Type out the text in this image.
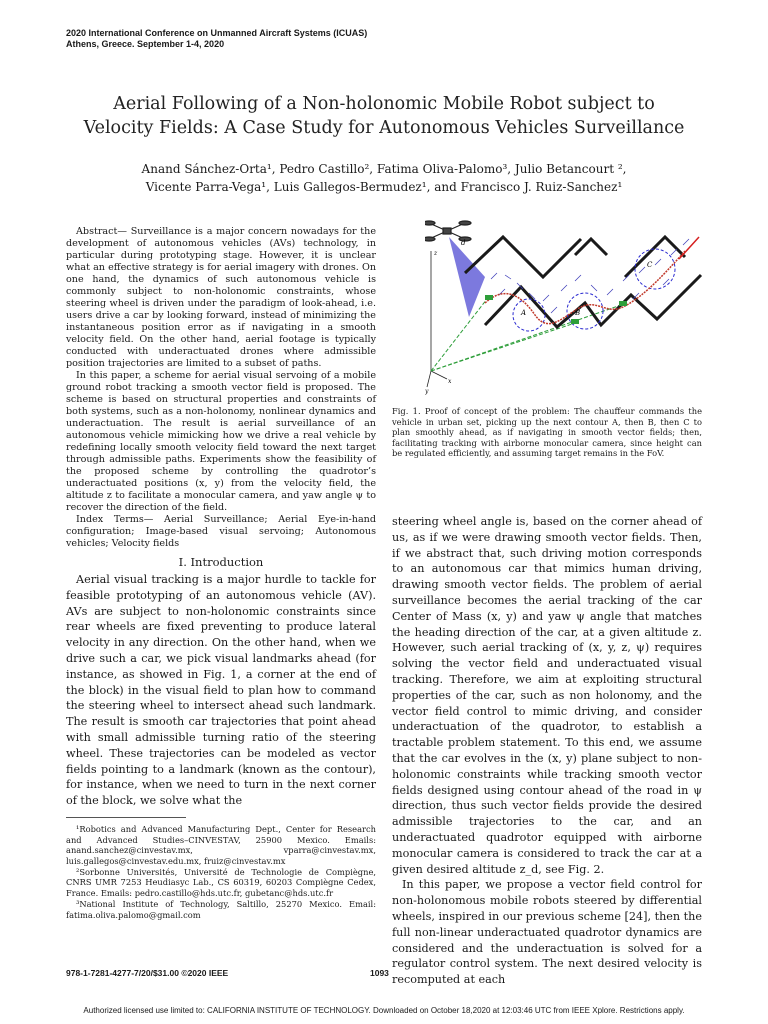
2020 International Conference on Unmanned Aircraft Systems (ICUAS)
Athens, Greece. September 1-4, 2020
Aerial Following of a Non-holonomic Mobile Robot subject to
Velocity Fields: A Case Study for Autonomous Vehicles Surveillance
Anand Sánchez-Orta¹, Pedro Castillo², Fatima Oliva-Palomo³, Julio Betancourt ²,
Vicente Parra-Vega¹, Luis Gallegos-Bermudez¹, and Francisco J. Ruiz-Sanchez¹

Abstract— Surveillance is a major concern nowadays for the development of autonomous vehicles (AVs) technology, in particular during prototyping stage. However, it is unclear what an effective strategy is for aerial imagery with drones. On one hand, the dynamics of such autonomous vehicle is commonly subject to non-holonomic constraints, whose steering wheel is driven under the paradigm of look-ahead, i.e. users drive a car by looking forward, instead of minimizing the instantaneous position error as if navigating in a smooth velocity field. On the other hand, aerial footage is typically conducted with underactuated drones where admissible position trajectories are limited to a subset of paths.

In this paper, a scheme for aerial visual servoing of a mobile ground robot tracking a smooth vector field is proposed. The scheme is based on structural properties and constraints of both systems, such as a non-holonomy, nonlinear dynamics and underactuation. The result is aerial surveillance of an autonomous vehicle mimicking how we drive a real vehicle by redefining locally smooth velocity field toward the next target through admissible paths. Experiments show the feasibility of the proposed scheme by controlling the quadrotor’s underactuated positions (x, y) from the velocity field, the altitude z to facilitate a monocular camera, and yaw angle ψ to recover the direction of the field.

Index Terms— Aerial Surveillance; Aerial Eye-in-hand configuration; Image-based visual servoing; Autonomous vehicles; Velocity fields

I. Introduction

Aerial visual tracking is a major hurdle to tackle for feasible prototyping of an autonomous vehicle (AV). AVs are subject to non-holonomic constraints since rear wheels are fixed preventing to produce lateral velocity in any direction. On the other hand, when we drive such a car, we pick visual landmarks ahead (for instance, as showed in Fig. 1, a corner at the end of the block) in the visual field to plan how to command the steering wheel to intersect ahead such landmark. The result is smooth car trajectories that point ahead with small admissible turning ratio of the steering wheel. These trajectories can be modeled as vector fields pointing to a landmark (known as the contour), for instance, when we need to turn in the next corner of the block, we solve what the

¹Robotics and Advanced Manufacturing Dept., Center for Research and Advanced Studies–CINVESTAV, 25900 Mexico. Emails: anand.sanchez@cinvestav.mx, vparra@cinvestav.mx, luis.gallegos@cinvestav.edu.mx, fruiz@cinvestav.mx

²Sorbonne Universités, Université de Technologie de Compiègne, CNRS UMR 7253 Heudiasyc Lab., CS 60319, 60203 Compiègne Cedex, France. Emails: pedro.castillo@hds.utc.fr, gubetanc@hds.utc.fr

³National Institute of Technology, Saltillo, 25270 Mexico. Email: fatima.oliva.palomo@gmail.com

z
x
y
A	B
C
d
Fig. 1. Proof of concept of the problem: The chauffeur commands the vehicle in urban set, picking up the next contour A, then B, then C to plan smoothly ahead, as if navigating in smooth vector fields; then, facilitating tracking with airborne monocular camera, since height can be regulated efficiently, and assuming target remains in the FoV.

steering wheel angle is, based on the corner ahead of us, as if we were drawing smooth vector fields. Then, if we abstract that, such driving motion corresponds to an autonomous car that mimics human driving, drawing smooth vector fields. The problem of aerial surveillance becomes the aerial tracking of the car Center of Mass (x, y) and yaw ψ angle that matches the heading direction of the car, at a given altitude z. However, such aerial tracking of (x, y, z, ψ) requires solving the vector field and underactuated visual tracking. Therefore, we aim at exploiting structural properties of the car, such as non holonomy, and the vector field control to mimic driving, and consider underactuation of the quadrotor, to establish a tractable problem statement. To this end, we assume that the car evolves in the (x, y) plane subject to non-holonomic constraints while tracking smooth vector fields designed using contour ahead of the road in ψ direction, thus such vector fields provide the desired admissible trajectories to the car, and an underactuated quadrotor equipped with airborne monocular camera is considered to track the car at a given desired altitude z_d, see Fig. 2.

In this paper, we propose a vector field control for non-holonomous mobile robots steered by differential wheels, inspired in our previous scheme [24], then the full non-linear underactuated quadrotor dynamics are considered and the underactuation is solved for a regulator control system. The next desired velocity is recomputed at each

978-1-7281-4277-7/20/$31.00 ©2020 IEEE	1093
Authorized licensed use limited to: CALIFORNIA INSTITUTE OF TECHNOLOGY. Downloaded on October 18,2020 at 12:03:46 UTC from IEEE Xplore. Restrictions apply.
